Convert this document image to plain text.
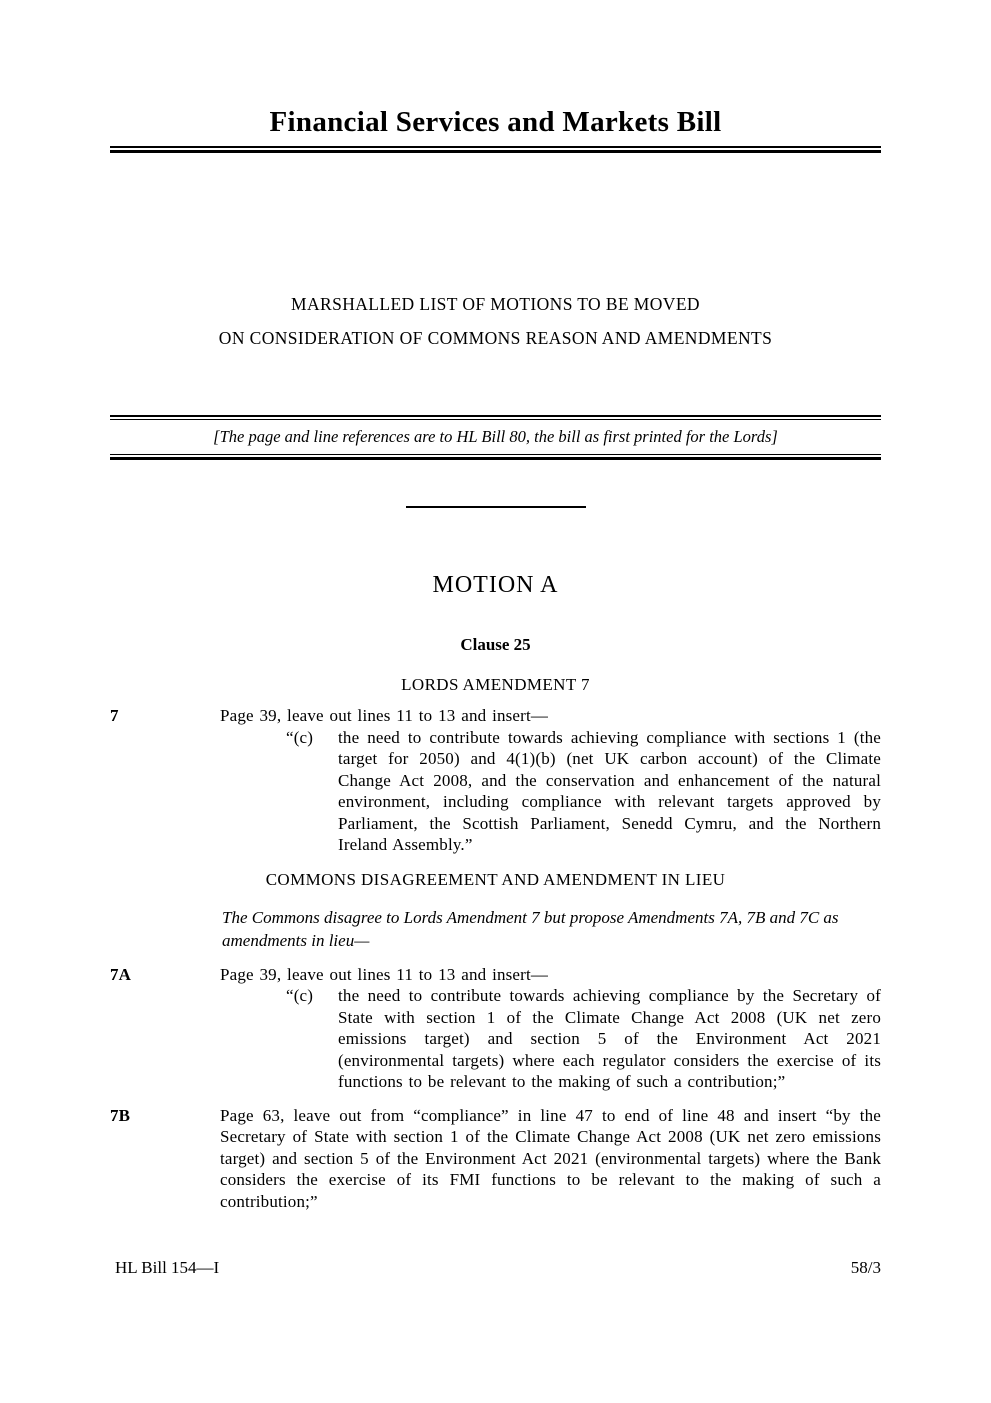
Financial Services and Markets Bill
MARSHALLED LIST OF MOTIONS TO BE MOVED
ON CONSIDERATION OF COMMONS REASON AND AMENDMENTS

[The page and line references are to HL Bill 80, the bill as first printed for the Lords]

MOTION A
Clause 25
LORDS AMENDMENT 7
7	Page 39, leave out lines 11 to 13 and insert—

“(c)	the need to contribute towards achieving compliance with sections 1 (the target for 2050) and 4(1)(b) (net UK carbon account) of the Climate Change Act 2008, and the conservation and enhancement of the natural environment, including compliance with relevant targets approved by Parliament, the Scottish Parliament, Senedd Cymru, and the Northern Ireland Assembly.”

COMMONS DISAGREEMENT AND AMENDMENT IN LIEU

The Commons disagree to Lords Amendment 7 but propose Amendments 7A, 7B and 7C as amendments in lieu—

7A	Page 39, leave out lines 11 to 13 and insert—

“(c)	the need to contribute towards achieving compliance by the Secretary of State with section 1 of the Climate Change Act 2008 (UK net zero emissions target) and section 5 of the Environment Act 2021 (environmental targets) where each regulator considers the exercise of its functions to be relevant to the making of such a contribution;”

7B	Page 63, leave out from “compliance” in line 47 to end of line 48 and insert “by the Secretary of State with section 1 of the Climate Change Act 2008 (UK net zero emissions target) and section 5 of the Environment Act 2021 (environmental targets) where the Bank considers the exercise of its FMI functions to be relevant to the making of such a contribution;”

HL Bill 154—I	58/3
